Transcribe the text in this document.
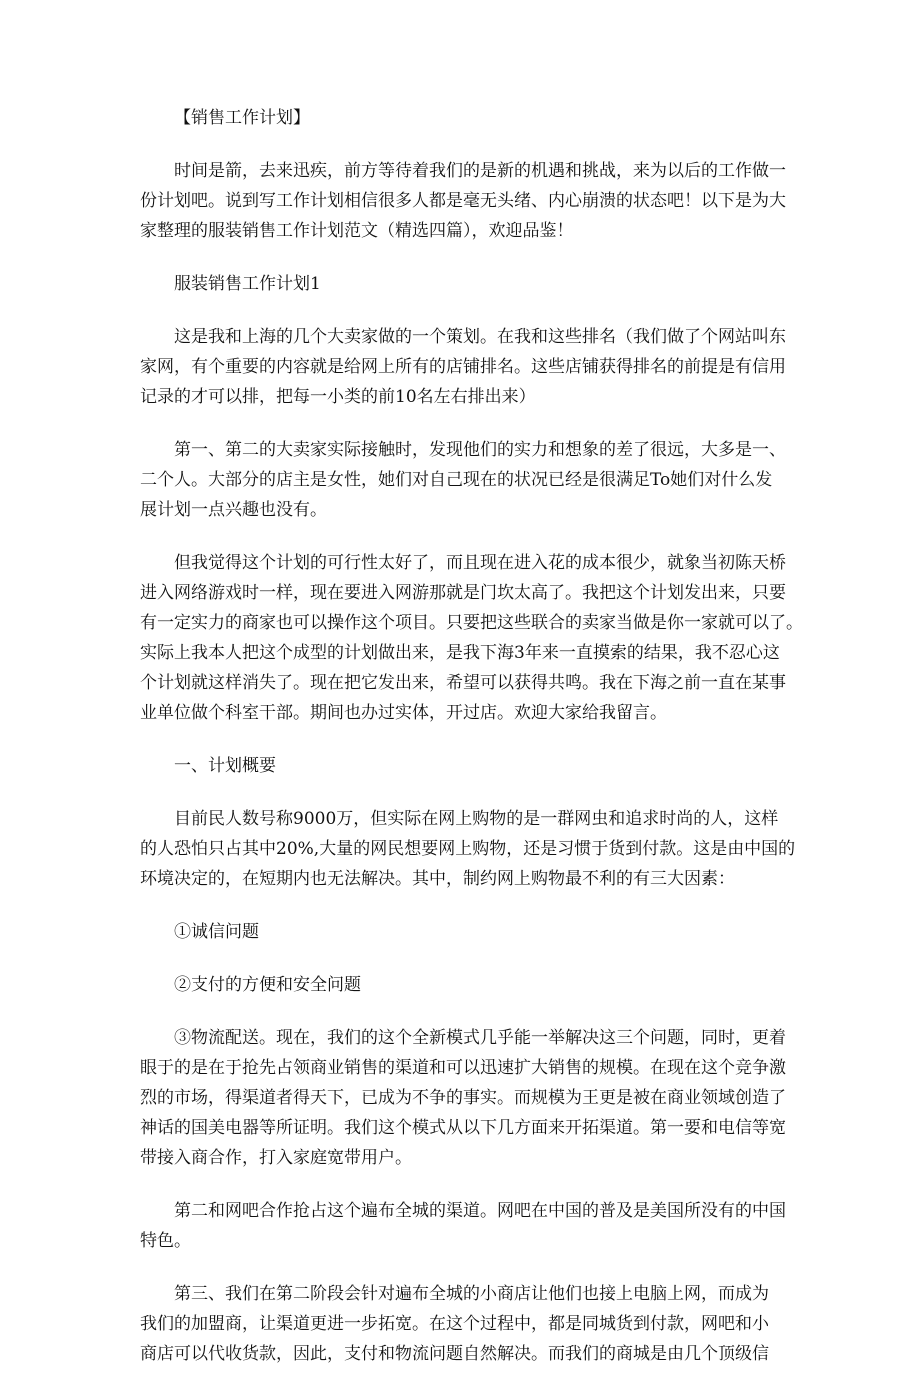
【销售工作计划】

时间是箭，去来迅疾，前方等待着我们的是新的机遇和挑战，来为以后的工作做一

份计划吧。说到写工作计划相信很多人都是毫无头绪、内心崩溃的状态吧！以下是为大

家整理的服装销售工作计划范文（精选四篇），欢迎品鉴！

服装销售工作计划1

这是我和上海的几个大卖家做的一个策划。在我和这些排名（我们做了个网站叫东

家网，有个重要的内容就是给网上所有的店铺排名。这些店铺获得排名的前提是有信用

记录的才可以排，把每一小类的前10名左右排出来）

第一、第二的大卖家实际接触时，发现他们的实力和想象的差了很远，大多是一、

二个人。大部分的店主是女性，她们对自己现在的状况已经是很满足To她们对什么发

展计划一点兴趣也没有。

但我觉得这个计划的可行性太好了，而且现在进入花的成本很少，就象当初陈天桥

进入网络游戏时一样，现在要进入网游那就是门坎太高了。我把这个计划发出来，只要

有一定实力的商家也可以操作这个项目。只要把这些联合的卖家当做是你一家就可以了。

实际上我本人把这个成型的计划做出来，是我下海3年来一直摸索的结果，我不忍心这

个计划就这样消失了。现在把它发出来，希望可以获得共鸣。我在下海之前一直在某事

业单位做个科室干部。期间也办过实体，开过店。欢迎大家给我留言。

一、计划概要

目前民人数号称9000万，但实际在网上购物的是一群网虫和追求时尚的人，这样

的人恐怕只占其中20%,大量的网民想要网上购物，还是习惯于货到付款。这是由中国的

环境决定的，在短期内也无法解决。其中，制约网上购物最不利的有三大因素：

①诚信问题

②支付的方便和安全问题

③物流配送。现在，我们的这个全新模式几乎能一举解决这三个问题，同时，更着

眼于的是在于抢先占领商业销售的渠道和可以迅速扩大销售的规模。在现在这个竞争激

烈的市场，得渠道者得天下，已成为不争的事实。而规模为王更是被在商业领域创造了

神话的国美电器等所证明。我们这个模式从以下几方面来开拓渠道。第一要和电信等宽

带接入商合作，打入家庭宽带用户。

第二和网吧合作抢占这个遍布全城的渠道。网吧在中国的普及是美国所没有的中国

特色。

第三、我们在第二阶段会针对遍布全城的小商店让他们也接上电脑上网，而成为

我们的加盟商，让渠道更进一步拓宽。在这个过程中，都是同城货到付款，网吧和小

商店可以代收货款，因此，支付和物流问题自然解决。而我们的商城是由几个顶级信
